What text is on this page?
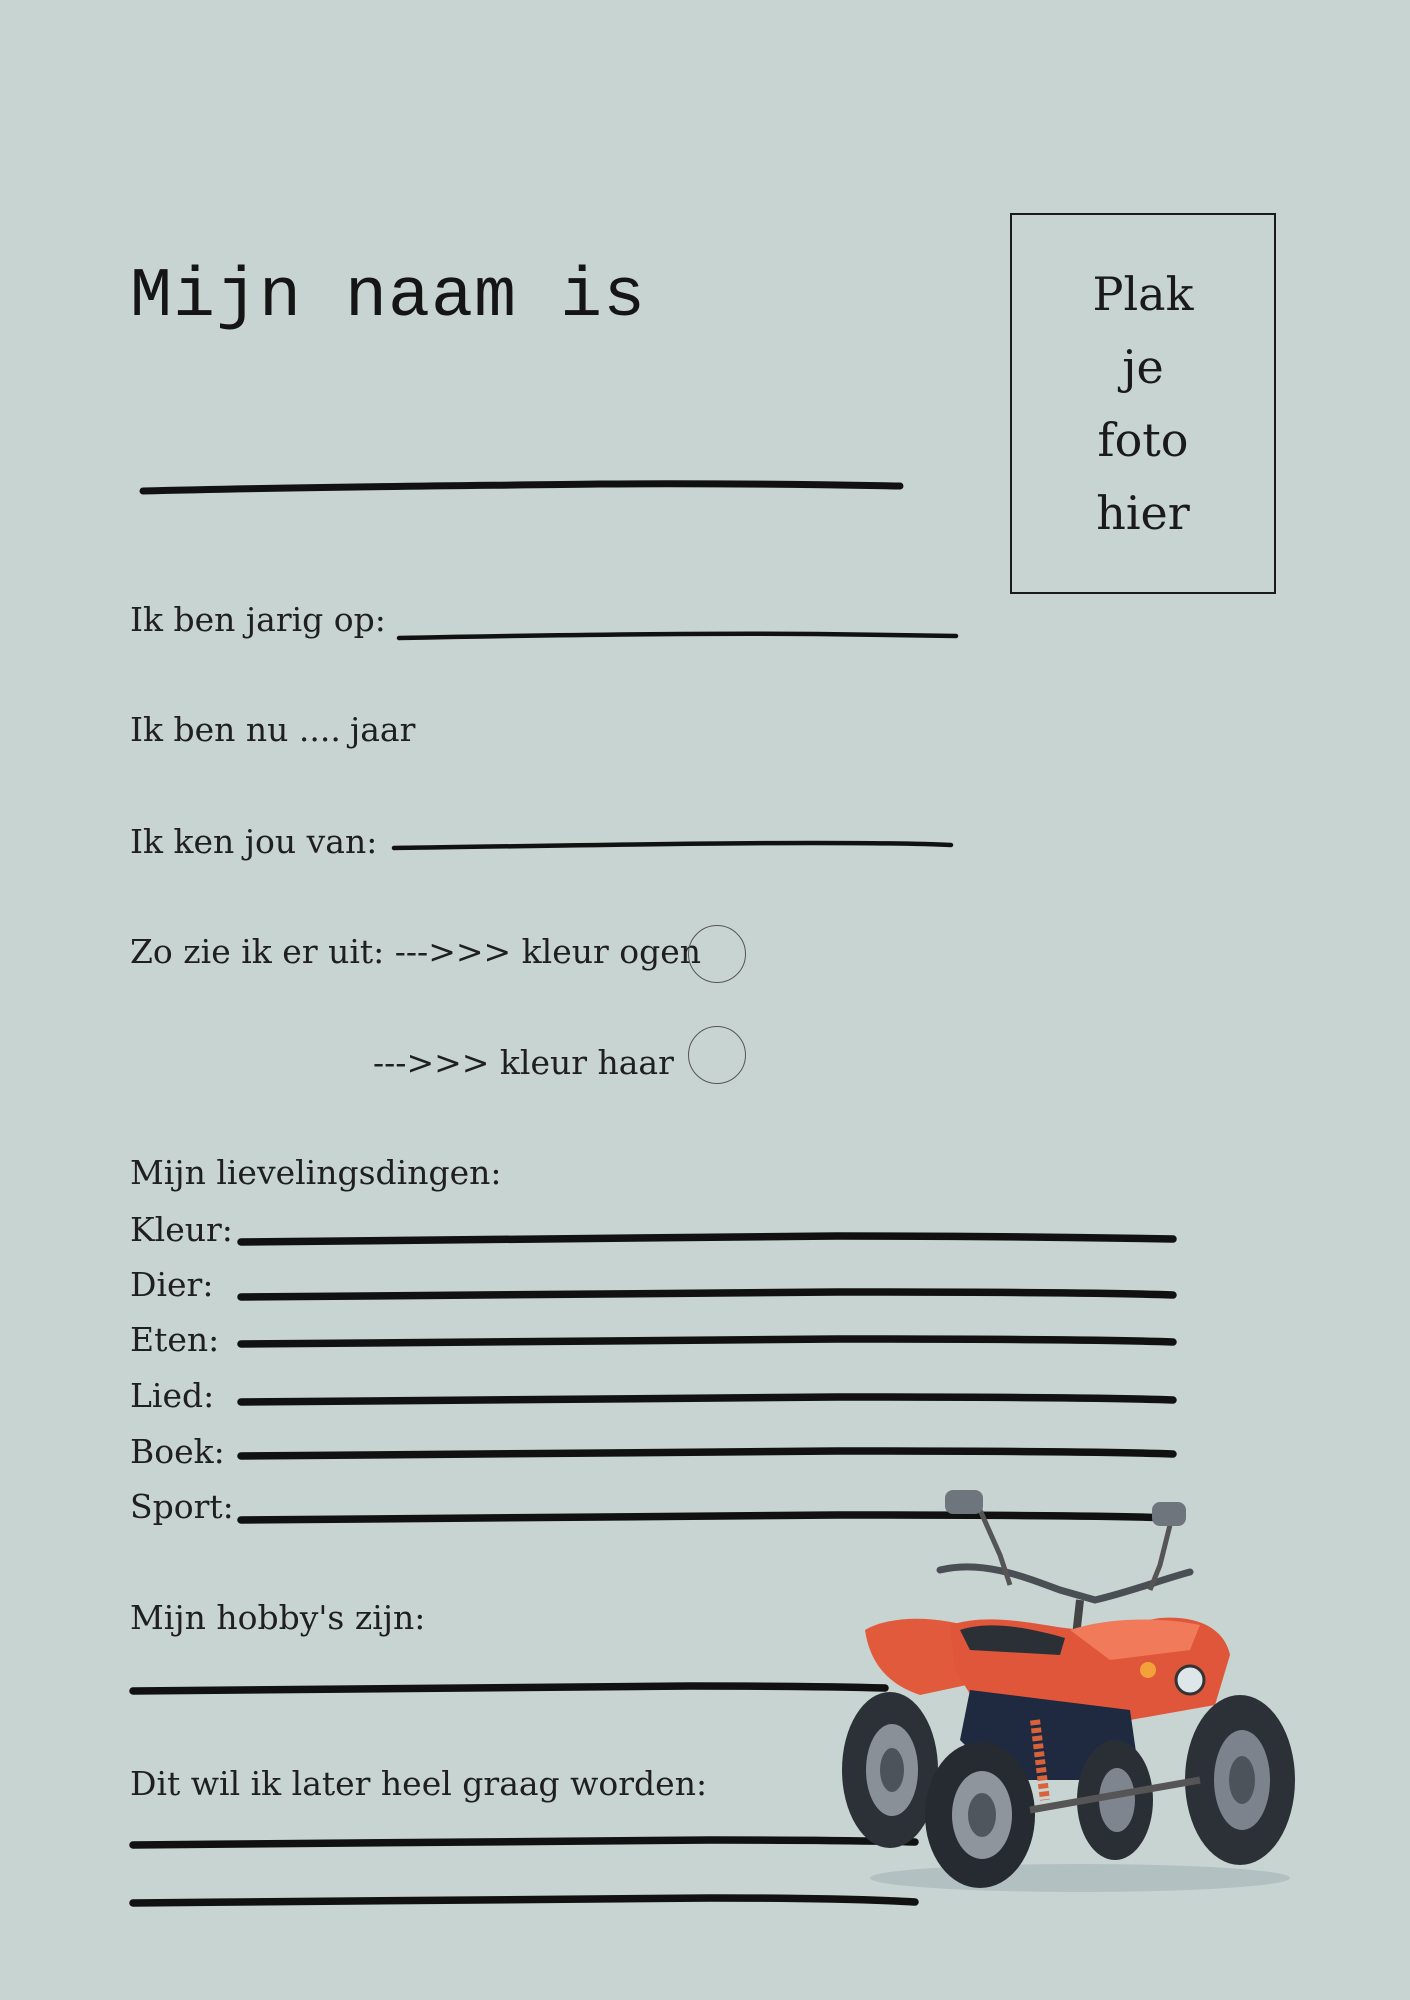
Mijn naam is	Plak
je
foto
hier
Ik ben jarig op:
Ik ben nu .... jaar
Ik ken jou van:
Zo zie ik er uit: --->>> kleur ogen
--->>> kleur haar
Mijn lievelingsdingen:
Kleur:
Dier:
Eten:
Lied:
Boek:
Sport:
Mijn hobby's zijn:
Dit wil ik later heel graag worden:
